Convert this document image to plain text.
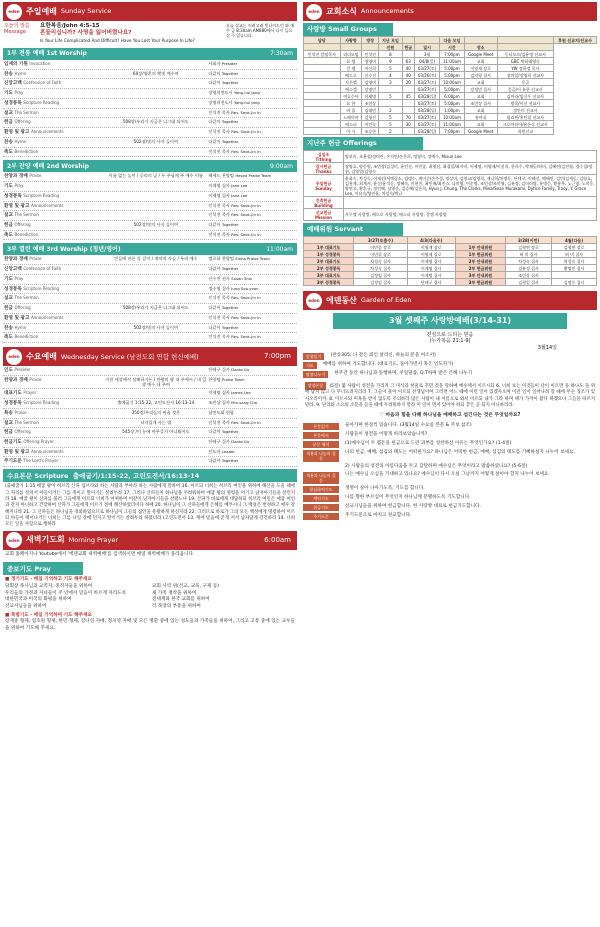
eden 주일예배 Sunday Service
오늘의 말씀
Message
요한복음/John 4:5-15
흔들리십니까? 사명을 잃어버렸나요?
Is Your Life Complicated And Difficult? Have You Lost Your Purpose In Life?
오늘 설교는 어려고려 빛나이드린 와 매주 금 8:30am AM880에서 다시 들으실 수 있습니다.
1부 전통 예배
1st Worship	7:30am
임재의 기원 Invocation	사회자 Presider
찬송 Hymn	60장/영혼의 햇빛 예수여	다같이 Together
신앙고백 Confession of Faith	다같이 Together
기도 Pray	장영희전도사 Yong-hui Jang
성경봉독 Scripture Reading	장영희전도사 Yong-hui Jang
설교 The Sermon	인석진 목사 Rev. Seok-Jin In
헌금 Offering	508장/우리가 지금은 나그네 되어도	다같이 Together
환영 및 광고 Announcements	인석진 목사 Rev. Seok-Jin In
찬송 Hymn	502장/빛의 사자 들이여	다같이 Together
축도 Benediction	인석진 목사 Rev. Seok-Jin In
2부 찬양 예배
2nd Worship	9:00am
찬양과 경배 Praise	이름 없는 높이 / 승리의 날 / 두 주님께 주 예수 이름	헤세드 찬양팀 Hesed Praise Team
기도 Pray	이제영 집사 Jane Lee
성경봉독 Scripture Reading	이제영 집사 Jane Lee
환영 및 광고 Announcements	인석진 목사 Rev. Seok-Jin In
설교 The Sermon	인석진 목사 Rev. Seok-Jin In
헌금 Offering	502장/빛의 사자 들이여	다같이 Together
축도 Benediction	인석진 목사 Rev. Seok-Jin In
3부 열린 예배
3rd Worship (청년/영어)	11:00am
찬양과 경배 Praise	빈들에 마른 풀 같이 / 죄악의 사슬 / 우리 예수	엘로하 찬양팀 Eloha Praise Team
신앙고백 Confession of Faith	다같이 Together
기도 Pray	신수진 권사 Susan Shin
성경봉독 Scripture Reading	정수영 집사 Jung Soo-yeon
설교 The Sermon	인석진 목사 Rev. Seok-Jin In
헌금 Offering	508장/우리가 지금은 나그네 되어도	다같이 Together
환영 및 광고 Announcements	인석진 목사 Rev. Seok-Jin In
찬송 Hymn	502장/빛의 사자 들이여	다같이 Together
축도 Benediction	인석진 목사 Rev. Seok-Jin In
eden 수요예배 Wednesday Service (남전도회 연합 헌신예배)	7:00pm
인도 Presider	단테구 집사 Dante Gu
찬양과 경배 Praise	거친 세상에서 실패하거든 / 만왕의 왕 내 주께서 / 내 일생 예수 내 주여
찬양팀 Praise Team
대표기도 Prayer	이제명 집사 James Lee
성경봉독 Scripture Reading	출애굽기 1:15-22, 고린도전서 16:13-14	조민상 집사 Min-sang Cho
특송 Praise	350장/우리들의 싸울 것은	남전도회 연합
설교 The Sermon	낙자입게 사는 법	인석진 목사 Rev. Seok-Jin In
헌금 Offering	545장 /이 눈에 아무증거 아니뵈어도	다같이 Together
헌금기도 Offering Prayer	단테구 집사 Dante Gu
환영 및 광고 Announcements	인도자 Leader
주기도문 The Lord's Prayer	다같이 Together
수요본문
Scripture
출애굽기/1:15-22, 고린도전서/16:13-14
(출애굽기 1:15 애굽 왕이 히브리 산파 십브라와 하는 사람과 부아라 하는 사람에게 말하여 16. 이르되 너희는 히브리 여인을 위하여 해산을 도울 때에 그 자리를 살펴서 아들이거든 그를 죽이고 딸이거든 살려두라 17. 그러나 산파들이 하나님을 두려워하여 애굽 왕의 명령을 어기고 남자아기들을 살린지라 18. 애굽 왕이 산파를 불러 그들에게 이르되 너희가 어찌하여 이같이 남자아기들을 살렸느냐 19. 산파가 바로에게 대답하되 히브리 여인은 애굽 여인과 같지 아니하고 건장하여 산파가 그들에게 이르기 전에 해산하였더이다 하매 20. 하나님이 그 산파들에게 은혜를 베푸시니 그 백성은 번성하고 매우 강해지니라 21. 그 산파들은 하나님을 경외하였으므로 하나님이 그들의 집안을 흥왕하게 하신지라 22. 그러므로 바로가 그의 모든 백성에게 명령하여 이르되 아들이 태어나거든 너희는 그를 나일 강에 던지고 딸이거든 살려두라 하였더라 (고린도전서 13. 깨어 믿음에 굳게 서서 남자답게 강건하라 14. 너희 모든 일을 사랑으로 행하라
eden 새벽기도회 Morning Prayer	6:00am
교회 홈페이지나 Youtube에서 '에덴교회 새벽예배'를 검색하시면 매일 새벽예배가 올라옵니다.
중보기도
Pray
■ 정기기도 - 매일 기억하고 기도 해주세요
당회장 목사님과 교역자, 중직자들을 위하여	교회 사역 위(선교, 교육, 구제 등)
우리들의 가정과 자녀들이 주 안에서 믿음이 바르게 자라도록	새 가족 정착을 위하여
대한민국과 미국의 화평을 위하여	전세계와 한국 교회를 위하여
선교사님들을 위하여	각 목장의 부흥을 위하여
■ 특별기도 - 매일 기억하며 기도 해주세요
장재중 형제, 염호원 형제, 한민 형제, 강나연 자매, 정지영 자매 및 모든 병환 중에 있는 성도들과 가족들을 위하여, 그리고 고통 중에 있는 교우들을 위하여 기도해 주세요.
eden 교회소식 Announcements
사랑방
Small Groups
담당	사랑방	방장	지난 모임			다음 모임			후원 선교지/선교사
			인원	헌금	일시	시간	장소		
인석진 담임목사	리더모임	인석진	8		3월	7:00pm	Google Meet	동티모르/김유정 선교사	
	요 셉	정영미	9	63	04/8(일)	11:00am	교회	GBC 박하태영숙	
	갈 렙	이선희	5	40	03/27(토)	5:00pm	이영재 장로	YW 정하정 목사	
	베드로	신수진	4	40	03/26(토)	5:00pm	김지영 집사	장미일/장영희 선교사	
	사무엘	김영미	3	20	03/27(토)	10:00am	교회	몽골	
	에스겔	강정민			03/27(토)	5:00pm	강정민 집사	몽골/이 유한 선교사	
	여호수아	이제명	5	45	03/28(일)	6:00pm	교회	김미라/임신우 선교사	
	요 한	조민상			03/27(토)	5:00pm	조민상 집사	방콕/이선 선교사	
	바 울	김태민	2		03/28(일)	1:00pm	교회	정안미 선교사	
	느헤미야	김형진	5	70	03/27(토)	10:00am	유아실	필리핀/홍민철 선교사	
	에스더	이민숙	5	30	03/27(토)	11:00am	교회	크로아티아/유은숙 선교사	
	마 가	조승한	2		03/28(일)	7:00pm	Google Meet	학원선교	
지난주 헌금
Offerings
십일조
Tithing	양보미, 조용철/정미란, 손지민/손은희, 정영미, 정예수, Misun Lee

감사헌금
Thanks	장병호, 양동원, 조민상/김성미, 윤인순, 이민종, 최영선, 최경일/최자미, 이제명, 이영재/이선희, 한희수, 박재동/허미, 김혜련/김진영, 정수경/정현, 김영열/김영숙

주일헌금
Sunday	윤화숙, 차성숙, 이제선/서예림소, 김명수, 계미순/손주성, 정상미, 김영교/김영희, 재나희/차병동, 단테구, 이혜선, 해해민, 김민/김재동, 김영호, 김용제, 최재서, 윤순/윤석순, 정혜숙, 이현진, 최민배/최진스, 나미영, 이순영, 조민상/조미영, 김유정, 김미러영, 유명순, 황유옥, 노근청, 노희웅, 양연고, 황혼규, 정인혜, 남영준, 김승혜/김은희, Hyun J. Chung, The Clarks, Mina/Sean Murakami, Dytico Family, Tracy, Y. Grace Lee, 이요숙/양진윤, 차성숙/박규

건축헌금
Building	

선교헌금
Mission	사무엘 사랑방, 베드로 사랑방, 에스더 사랑방, 갈렙 사랑방
예배위원
Servant
	3/27(토출수)	4/3(다음주)		3/28(이번)	4월(다음)
1부 대표기도	이민종 장로	이영재 장로	1부 안내위원	김형연 장로	김형연 장로
1부 성경봉독	이민종 장로	이영재 장로	1부 헌금위원	허 미 집사	허 미 집사
2부 대표기도	차성숙 집사	이제명 집사	2부 안내위원	차성숙 집사	차성숙 집사
2부 성경봉독	차성숙 집사	이제명 집사	2부 헌금위원	김유정 집사	황명민 집사
3부 대표기도	김정임 집사	이제명 집사	3부 안내위원	조민상 집사	
3부 성경봉독	김정임 집사	단테구 집사	3부 헌금위원	김형일 집사	김명동 집사
eden 에덴동산 Garden of Eden
3월 셋째주 사랑방예배(3/14-31)
전심으로 드리는 믿음
(누가복음 21:1-9)
3월14일
말씀읽기	(찬송305, 나 같은 죄인 살리신, 하늘의 문을 여소서)
기도	예배를 위하여 기도합니다. (대표기도, 돌아가면서 혹은 인도자가)
말씀나누기	한주간 동안 하나님과 동행하며, 주일말씀, Q.T하며 받은 은혜 나누기
말씀본문 (5절) 몇 사람이 성전을 가리켜 그 미석과 헌물로 꾸민 것을 말하매 예수께서 이르시되 6. 너희 보는 이것들이 날이 이르면 돌 하나도 돌 위에 남지 않고 다 무너뜨려지리라 7. 그들이 물어 이르되 선생님이여 그러면 어느 때에 이런 일이 있겠사오며 이런 일이 일어나려 할 때에 무슨 징조가 있사오리이까. 8. 이르시되 미혹을 받지 않도록 주의하라 많은 사람이 내 이름으로 와서 이르되 내가 그라 하며 때가 가까이 왔다 하겠으나 그들을 따르지 말라. 9. 난리와 소요의 소문을 들을 때에 두려워하지 말라 이 일이 먼저 있어야 하되 끝은 곧 되지 아니하리라.
♡ 마음과 힘을 다해 하나님을 예배하고 섬긴다는 것은 무엇일까요?
본문읽기	둘아가며 한절씩 읽습니다. (3월14일 수요일 본문 & 주보 참조)
본문에서	사람들이 성전을 어떻게 바라보았습니까?
분문 해석	(1)예수님이 두 렙돈을 헌금으로 드린 과부를 칭찬하신 이유는 무엇인가요? (1-4절)
적용과 나눔의 질문
나의 헌금, 예배, 섬김의 태도는 어떠한가요? 하나님은 어떠한 헌금, 예배, 섬김의 태도를 기뻐하실지 나누어 보세요.
2) 사람들의 성전의 아름다움을 두고 감탄하며 예수님은 무엇이라고 말씀하셨나요? (5-6절)
적용과 나눔의 질문
나는 예수님 오심을 기대하고 있나요? 예수님이 다시 오실 그날까지 어떻게 살아야 할지 나누어 보세요.
합심하여기도	생명이 살아 나아가도록, 기도를 합니다.
개인기도	나를 향한 부르심이 무엇인지 하나님께 분별하도록 기도합니다.
헌금기도	선교사님들을 위하여 헌금합니다. 한 사랑방 대표로 헌금기도합니다.
주기도문	주기도문으로 마치고 친교합니다.
